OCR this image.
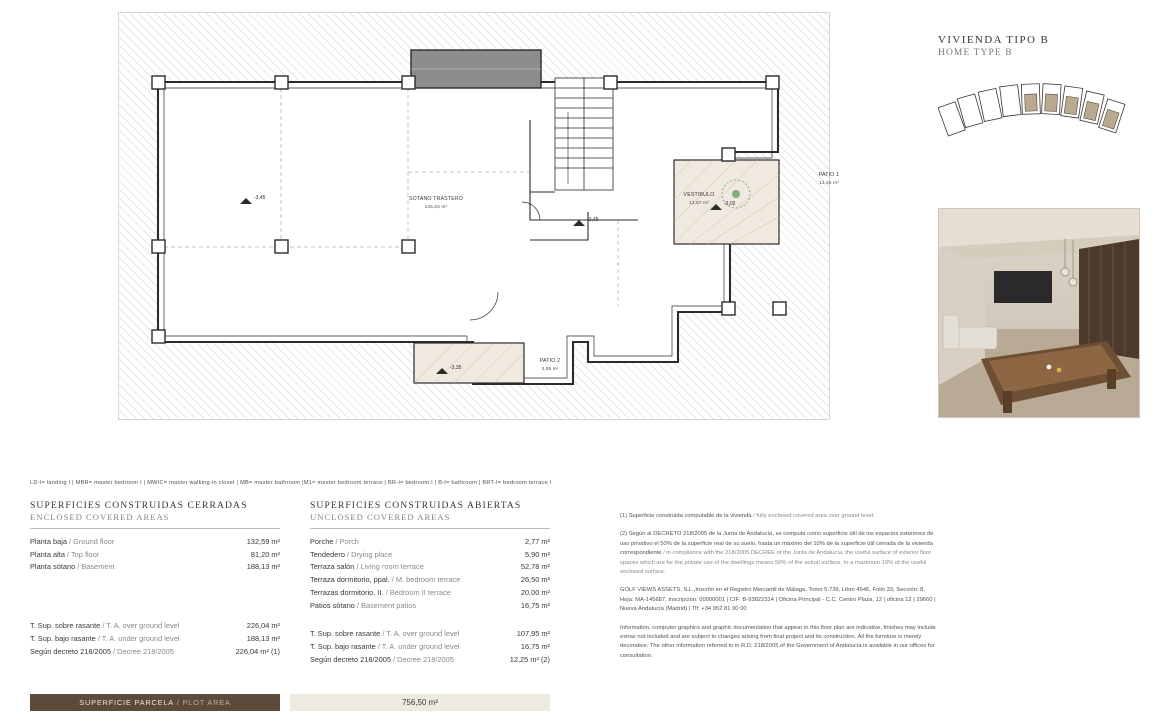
SOTANO TRASTERO
145,04 m²
VESTIBULO
13,87 m²
PATIO 1
13,45 m²
PATIO 2
3,06 m²
-3,45
-3,45
-3,02
-3,35
VIVIENDA TIPO B
HOME TYPE B
LD-I= landing I | MBR= master bedroom I | MWIC= master walking-in closet | MB= master bathroom |M1= master bedroom terrace | BR-I= bedroom I | B-I= bathroom | BRT-I= bedroom terrace I
SUPERFICIES CONSTRUIDAS CERRADAS
ENCLOSED COVERED AREAS
Planta baja / Ground floor	132,59 m²
Planta alta / Top floor	81,20 m²
Planta sótano / Basement	188,13 m²
T. Sup. sobre rasante / T. A. over ground level	226,04 m²
T. Sup. bajo rasante / T. A. under ground level	188,13 m²
Según decreto 218/2005 / Decree 218/2005	226,04 m² (1)
SUPERFICIES CONSTRUIDAS ABIERTAS
UNCLOSED COVERED AREAS
Porche / Porch	2,77 m²
Tendedero / Drying place	5,90 m²
Terraza salón / Living room terrace	52,78 m²
Terraza dormitorio, ppal. / M. bedroom terrace	26,50 m²
Terrazas dormitorio. II. / Bedroom II terrace	20,00 m²
Patios sótano / Basement patios	16,75 m²
T. Sup. sobre rasante / T. A. over ground level	107,95 m²
T. Sup. bajo rasante / T. A. under ground level	16,75 m²
Según decreto 218/2005 / Decree 218/2005	12,25 m² (2)

(1) Superficie construida computable de la vivienda / fully enclosed covered area over ground level.

(2) Según al DECRETO 218/2005 de la Junta de Andalucía, se computa como superficie útil de los espacios exteriores de uso privativo el 50% de la superficie real de su suelo, hasta un máximo del 10% de la superficie útil cerrada de la vivienda correspondiente / in compliance with the 218/2005 DECREE of the Junta de Andalucía, the useful surface of exterior floor spaces which are for the private use of the dwellings means 50% of the actual surface, to a maximum 10% of the useful enclosed surface.

GOLF VIEWS ASSETS, S.L.,Inscrito en el Registro Mercantil de Málaga, Tomo 5.739, Libro 4646, Folio 33, Sección: 8, Hoja: MA-145687, Inscripción: 00000001 | CIF: B-93822314 | Oficina Principal - C.C. Centro Plaza, 12 | oficina 12 | 29660 | Nueva Andalucía (Madrid) | Tlf: +34 952 81 00 00

Information, computer graphics and graphic documentation that appear in this floor plan are indicative, finishes may include extras not included and are subject to changes arising from final project and its construction. All the furniture is merely decorative. The other information referred to in R.D. 218/2005 of the Government of Andalucía is available in our offices for consultation.

SUPERFICIE PARCELA
/ PLOT AREA	756,50 m²
